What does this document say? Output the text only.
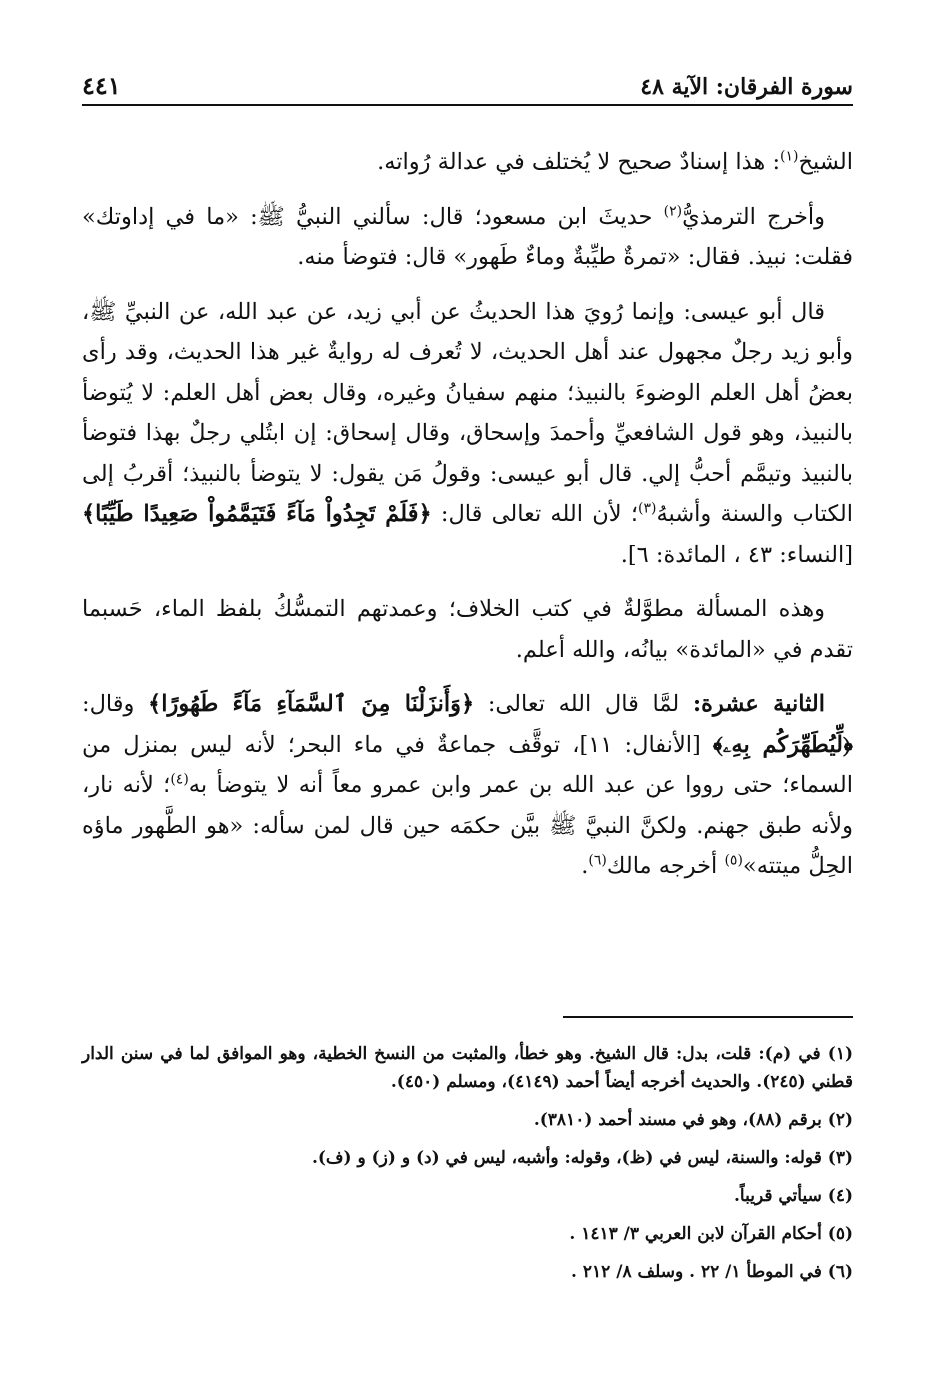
سورة الفرقان: الآية ٤٨
٤٤١

الشيخ$^{(١)}$: هذا إسنادٌ صحيح لا يُختلف في عدالة رُواته.

وأخرج الترمذيُّ$^{(٢)}$ حديثَ ابن مسعود؛ قال: سألني النبيُّ ﷺ: «ما في إداوتك» فقلت: نبيذ. فقال: «تمرةٌ طيِّبةٌ وماءٌ طَهور» قال: فتوضأ منه.

قال أبو عيسى: وإنما رُويَ هذا الحديثُ عن أبي زيد، عن عبد الله، عن النبيِّ ﷺ، وأبو زيد رجلٌ مجهول عند أهل الحديث، لا تُعرف له روايةٌ غير هذا الحديث، وقد رأى بعضُ أهل العلم الوضوءَ بالنبيذ؛ منهم سفيانُ وغيره، وقال بعض أهل العلم: لا يُتوضأ بالنبيذ، وهو قول الشافعيِّ وأحمدَ وإسحاق، وقال إسحاق: إن ابتُلي رجلٌ بهذا فتوضأ بالنبيذ وتيمَّم أحبُّ إلي. قال أبو عيسى: وقولُ مَن يقول: لا يتوضأ بالنبيذ؛ أقربُ إلى الكتاب والسنة وأشبهُ$^{(٣)}$؛ لأن الله تعالى قال: ﴿فَلَمْ تَجِدُواْ مَآءً فَتَيَمَّمُواْ صَعِيدًا طَيِّبًا﴾ [النساء: ٤٣ ، المائدة: ٦].

وهذه المسألة مطوَّلةٌ في كتب الخلاف؛ وعمدتهم التمسُّكُ بلفظ الماء، حَسبما تقدم في «المائدة» بيانُه، والله أعلم.

الثانية عشرة: لمَّا قال الله تعالى: ﴿وَأَنزَلْنَا مِنَ ٱلسَّمَآءِ مَآءً طَهُورًا﴾ وقال: ﴿لِّيُطَهِّرَكُم بِهِۦ﴾ [الأنفال: ١١]، توقَّف جماعةٌ في ماء البحر؛ لأنه ليس بمنزل من السماء؛ حتى رووا عن عبد الله بن عمر وابن عمرو معاً أنه لا يتوضأ به$^{(٤)}$؛ لأنه نار، ولأنه طبق جهنم. ولكنَّ النبيَّ ﷺ بيَّن حكمَه حين قال لمن سأله: «هو الطَّهور ماؤه الحِلُّ ميتته»$^{(٥)}$ أخرجه مالك$^{(٦)}$.

(١) في (م): قلت، بدل: قال الشيخ. وهو خطأ، والمثبت من النسخ الخطية، وهو الموافق لما في سنن الدار قطني (٢٤٥). والحديث أخرجه أيضاً أحمد (٤١٤٩)، ومسلم (٤٥٠).

(٢) برقم (٨٨)، وهو في مسند أحمد (٣٨١٠).

(٣) قوله: والسنة، ليس في (ظ)، وقوله: وأشبه، ليس في (د) و (ز) و (ف).

(٤) سيأتي قريباً.

(٥) أحكام القرآن لابن العربي ٣/ ١٤١٣ .

(٦) في الموطأ ١/ ٢٢ . وسلف ٨/ ٢١٢ .
